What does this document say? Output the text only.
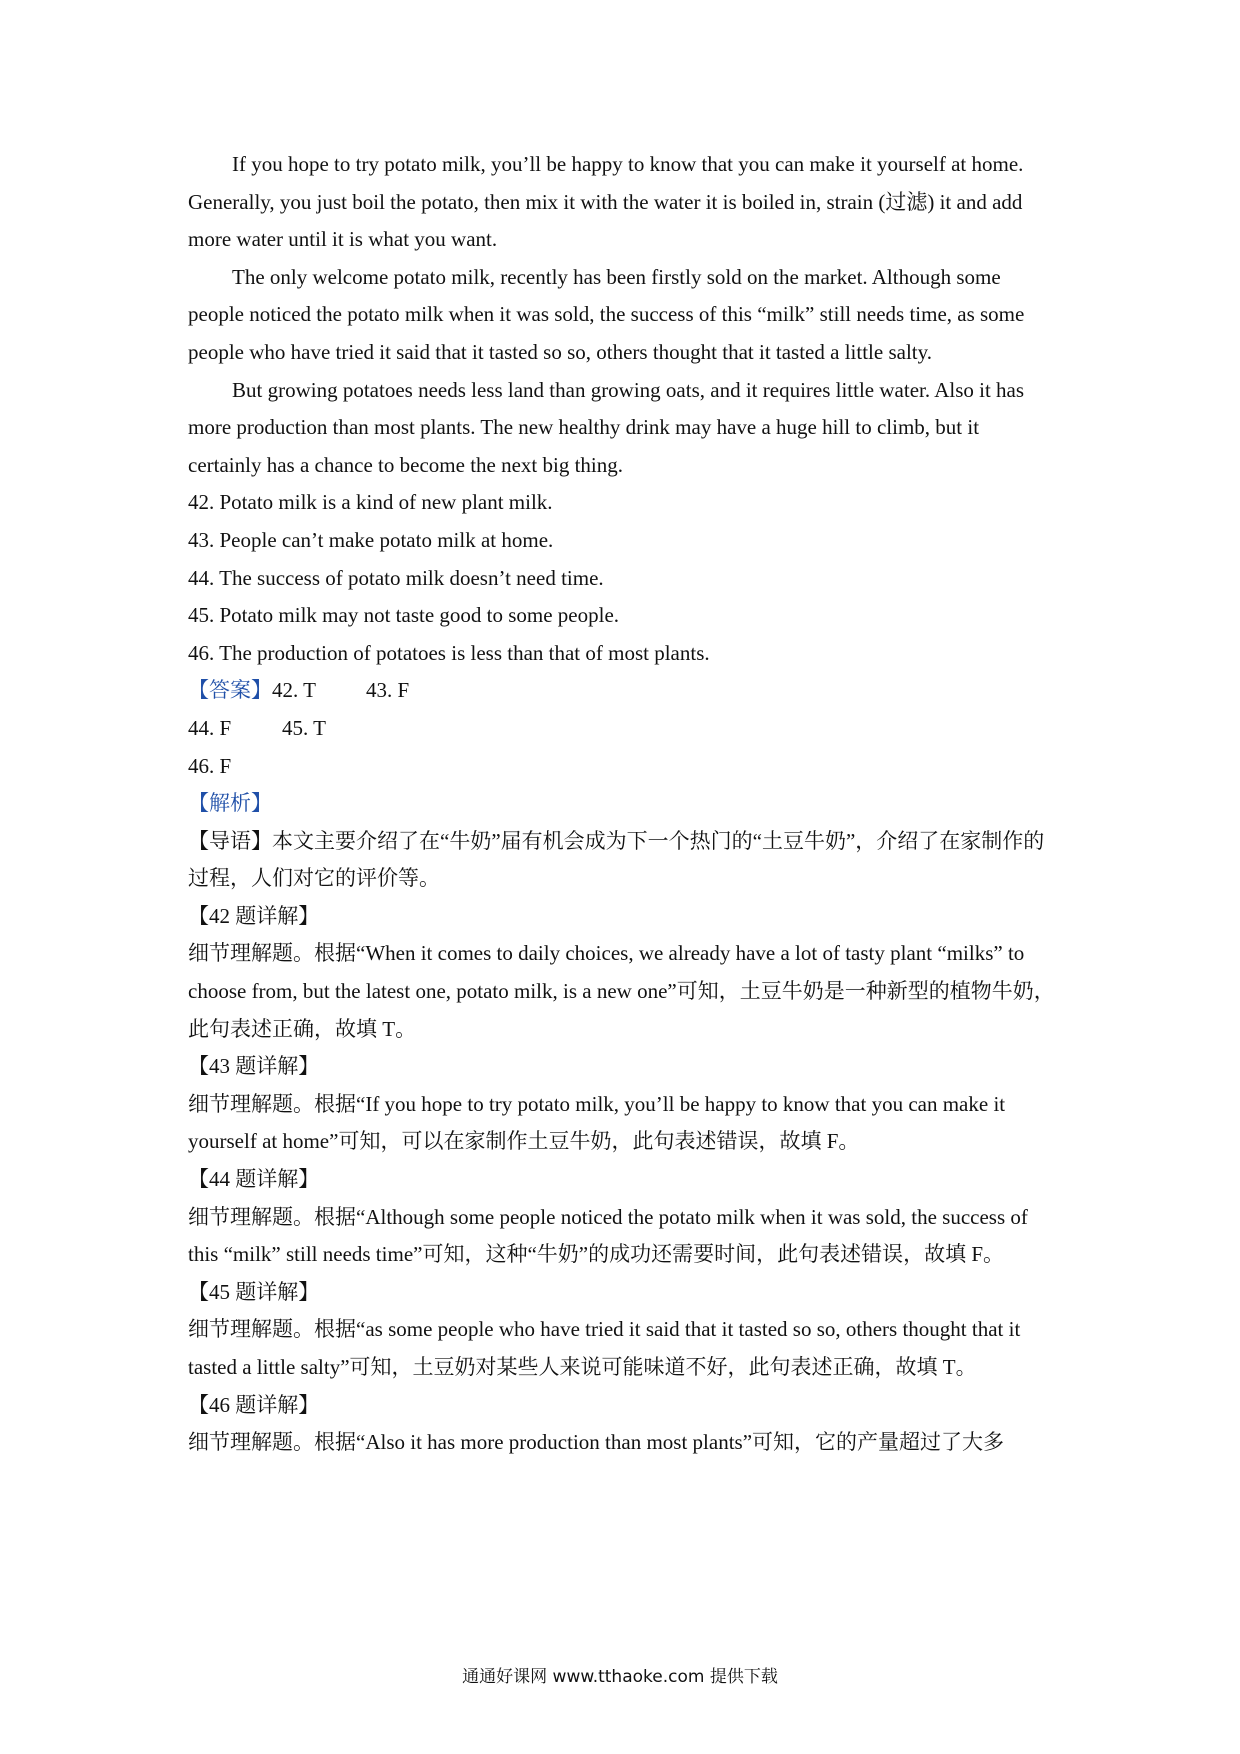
If you hope to try potato milk, you’ll be happy to know that you can make it yourself at home. Generally, you just boil the potato, then mix it with the water it is boiled in, strain (过滤) it and add more water until it is what you want.

The only welcome potato milk, recently has been firstly sold on the market. Although some people noticed the potato milk when it was sold, the success of this “milk” still needs time, as some people who have tried it said that it tasted so so, others thought that it tasted a little salty.

But growing potatoes needs less land than growing oats, and it requires little water. Also it has more production than most plants. The new healthy drink may have a huge hill to climb, but it certainly has a chance to become the next big thing.

42. Potato milk is a kind of new plant milk.

43. People can’t make potato milk at home.

44. The success of potato milk doesn’t need time.

45. Potato milk may not taste good to some people.

46. The production of potatoes is less than that of most plants.

【答案】42. T 43. F

44. F 45. T

46. F

【解析】

【导语】本文主要介绍了在“牛奶”届有机会成为下一个热门的“土豆牛奶”，介绍了在家制作的过程，人们对它的评价等。

【42 题详解】

细节理解题。根据“When it comes to daily choices, we already have a lot of tasty plant “milks” to choose from, but the latest one, potato milk, is a new one”可知，土豆牛奶是一种新型的植物牛奶，此句表述正确，故填 T。

【43 题详解】

细节理解题。根据“If you hope to try potato milk, you’ll be happy to know that you can make it yourself at home”可知，可以在家制作土豆牛奶，此句表述错误，故填 F。

【44 题详解】

细节理解题。根据“Although some people noticed the potato milk when it was sold, the success of this “milk” still needs time”可知，这种“牛奶”的成功还需要时间，此句表述错误，故填 F。

【45 题详解】

细节理解题。根据“as some people who have tried it said that it tasted so so, others thought that it tasted a little salty”可知，土豆奶对某些人来说可能味道不好，此句表述正确，故填 T。

【46 题详解】

细节理解题。根据“Also it has more production than most plants”可知，它的产量超过了大多

通通好课网 www.tthaoke.com 提供下载
